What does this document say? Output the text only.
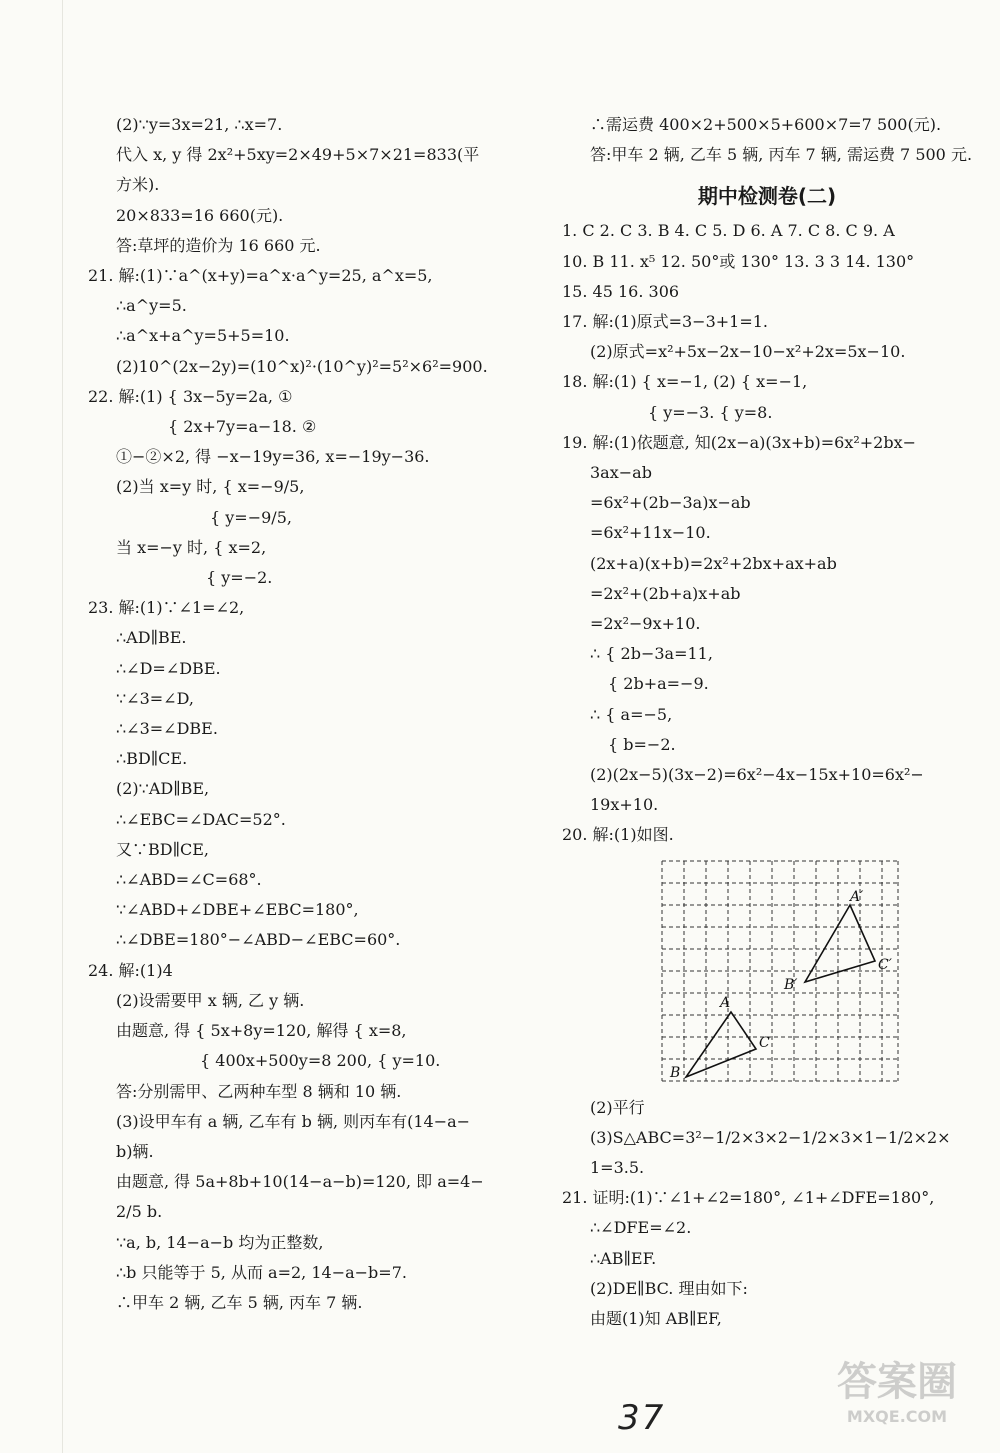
(2)∵y=3x=21, ∴x=7.
代入 x, y 得 2x²+5xy=2×49+5×7×21=833(平
方米).
20×833=16 660(元).
答:草坪的造价为 16 660 元.
21. 解:(1)∵a^(x+y)=a^x·a^y=25, a^x=5,
∴a^y=5.
∴a^x+a^y=5+5=10.
(2)10^(2x−2y)=(10^x)²·(10^y)²=5²×6²=900.
22. 解:(1) { 3x−5y=2a, ①
{ 2x+7y=a−18. ②
①−②×2, 得 −x−19y=36, x=−19y−36.
(2)当 x=y 时, { x=−9/5,
{ y=−9/5,
当 x=−y 时, { x=2,
{ y=−2.
23. 解:(1)∵∠1=∠2,
∴AD∥BE.
∴∠D=∠DBE.
∵∠3=∠D,
∴∠3=∠DBE.
∴BD∥CE.
(2)∵AD∥BE,
∴∠EBC=∠DAC=52°.
又∵BD∥CE,
∴∠ABD=∠C=68°.
∵∠ABD+∠DBE+∠EBC=180°,
∴∠DBE=180°−∠ABD−∠EBC=60°.
24. 解:(1)4
(2)设需要甲 x 辆, 乙 y 辆.
由题意, 得 { 5x+8y=120, 解得 { x=8,
{ 400x+500y=8 200, { y=10.
答:分别需甲、乙两种车型 8 辆和 10 辆.
(3)设甲车有 a 辆, 乙车有 b 辆, 则丙车有(14−a−
b)辆.
由题意, 得 5a+8b+10(14−a−b)=120, 即 a=4−
2/5 b.
∵a, b, 14−a−b 均为正整数,
∴b 只能等于 5, 从而 a=2, 14−a−b=7.
∴甲车 2 辆, 乙车 5 辆, 丙车 7 辆.
∴需运费 400×2+500×5+600×7=7 500(元).
答:甲车 2 辆, 乙车 5 辆, 丙车 7 辆, 需运费 7 500 元.
期中检测卷(二)
1. C 2. C 3. B 4. C 5. D 6. A 7. C 8. C 9. A
10. B 11. x⁵ 12. 50°或 130° 13. 3 3 14. 130°
15. 45 16. 306
17. 解:(1)原式=3−3+1=1.
(2)原式=x²+5x−2x−10−x²+2x=5x−10.
18. 解:(1) { x=−1, (2) { x=−1,
{ y=−3. { y=8.
19. 解:(1)依题意, 知(2x−a)(3x+b)=6x²+2bx−
3ax−ab
=6x²+(2b−3a)x−ab
=6x²+11x−10.
(2x+a)(x+b)=2x²+2bx+ax+ab
=2x²+(2b+a)x+ab
=2x²−9x+10.
∴ { 2b−3a=11,
{ 2b+a=−9.
∴ { a=−5,
{ b=−2.
(2)(2x−5)(3x−2)=6x²−4x−15x+10=6x²−
19x+10.
20. 解:(1)如图.
A′
B′
C′
A
B
C
(2)平行
(3)S△ABC=3²−1/2×3×2−1/2×3×1−1/2×2×
1=3.5.
21. 证明:(1)∵∠1+∠2=180°, ∠1+∠DFE=180°,
∴∠DFE=∠2.
∴AB∥EF.
(2)DE∥BC. 理由如下:
由题(1)知 AB∥EF,
37
答案圈
MXQE.COM
